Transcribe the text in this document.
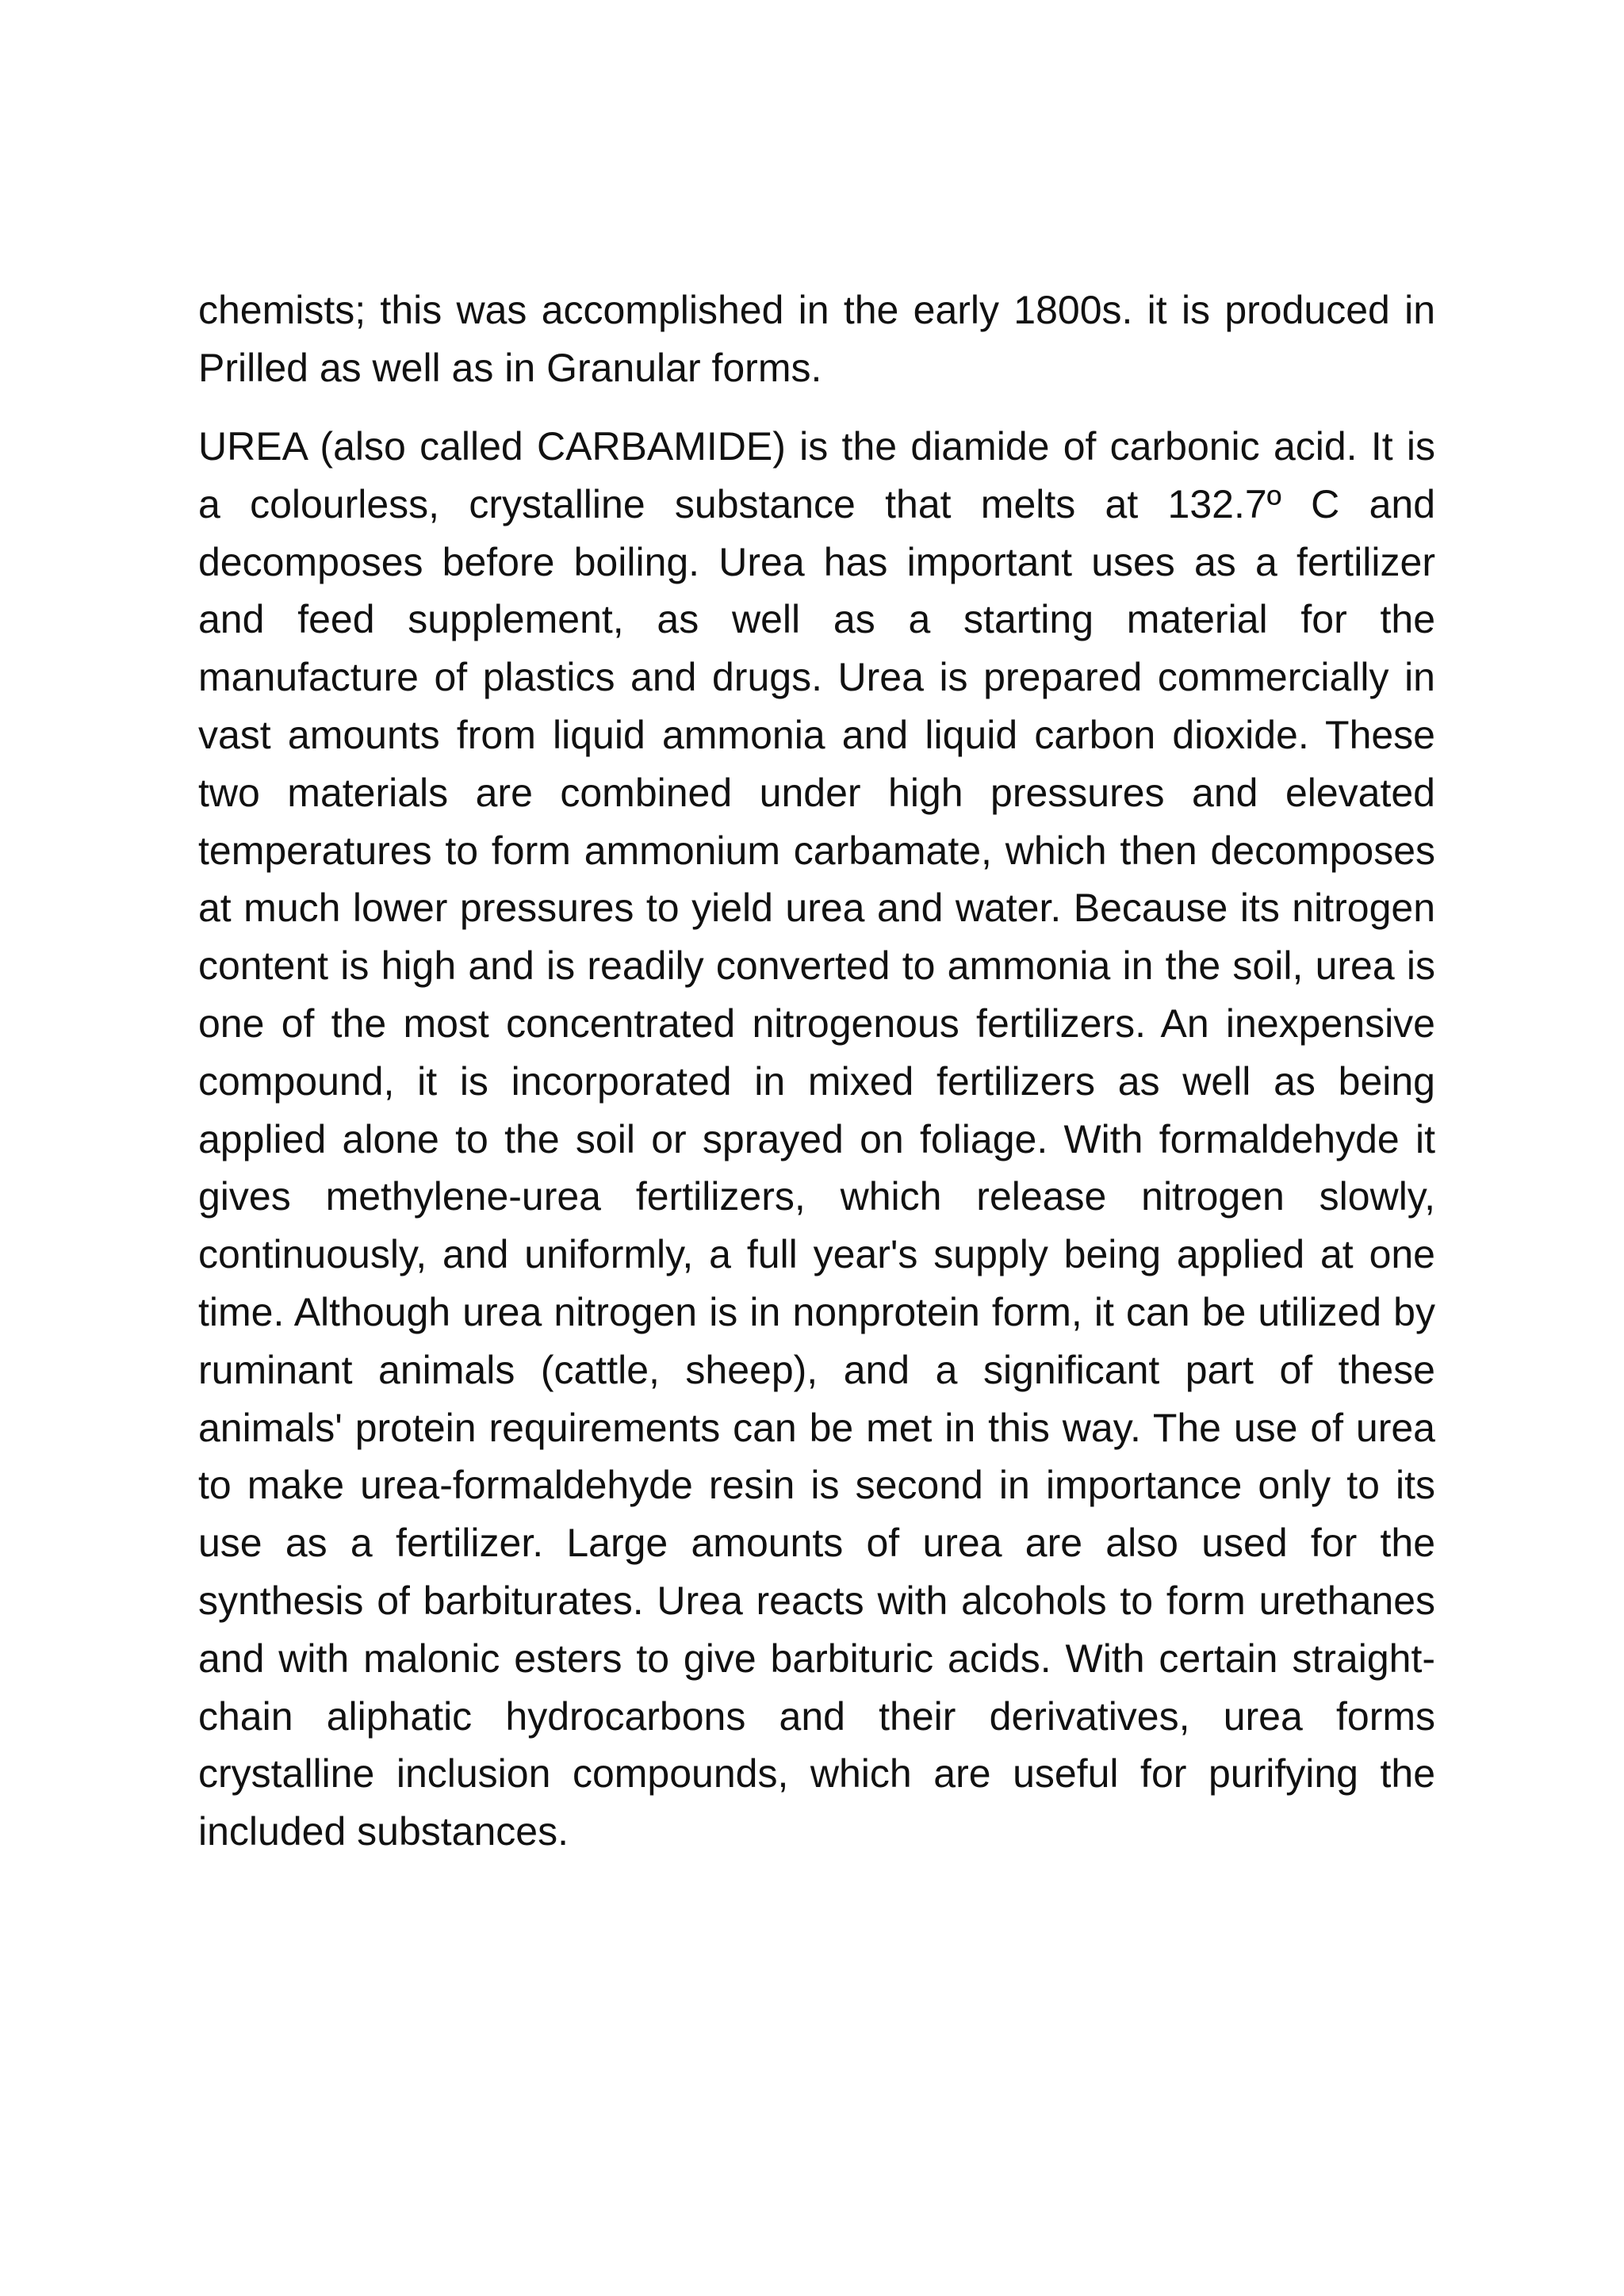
chemists; this was accomplished in the early 1800s. it is produced in Prilled as well as in Granular forms.

UREA (also called CARBAMIDE) is the diamide of carbonic acid. It is a colourless, crystalline substance that melts at 132.7º C and decomposes before boiling. Urea has important uses as a fertilizer and feed supplement, as well as a starting material for the manufacture of plastics and drugs. Urea is prepared commercially in vast amounts from liquid ammonia and liquid carbon dioxide. These two materials are combined under high pressures and elevated temperatures to form ammonium carbamate, which then decomposes at much lower pressures to yield urea and water. Because its nitrogen content is high and is readily converted to ammonia in the soil, urea is one of the most concentrated nitrogenous fertilizers. An inexpensive compound, it is incorporated in mixed fertilizers as well as being applied alone to the soil or sprayed on foliage. With formaldehyde it gives methylene-urea fertilizers, which release nitrogen slowly, continuously, and uniformly, a full year's supply being applied at one time. Although urea nitrogen is in nonprotein form, it can be utilized by ruminant animals (cattle, sheep), and a significant part of these animals' protein requirements can be met in this way. The use of urea to make urea-formaldehyde resin is second in importance only to its use as a fertilizer. Large amounts of urea are also used for the synthesis of barbiturates. Urea reacts with alcohols to form urethanes and with malonic esters to give barbituric acids. With certain straight-chain aliphatic hydrocarbons and their derivatives, urea forms crystalline inclusion compounds, which are useful for purifying the included substances.
